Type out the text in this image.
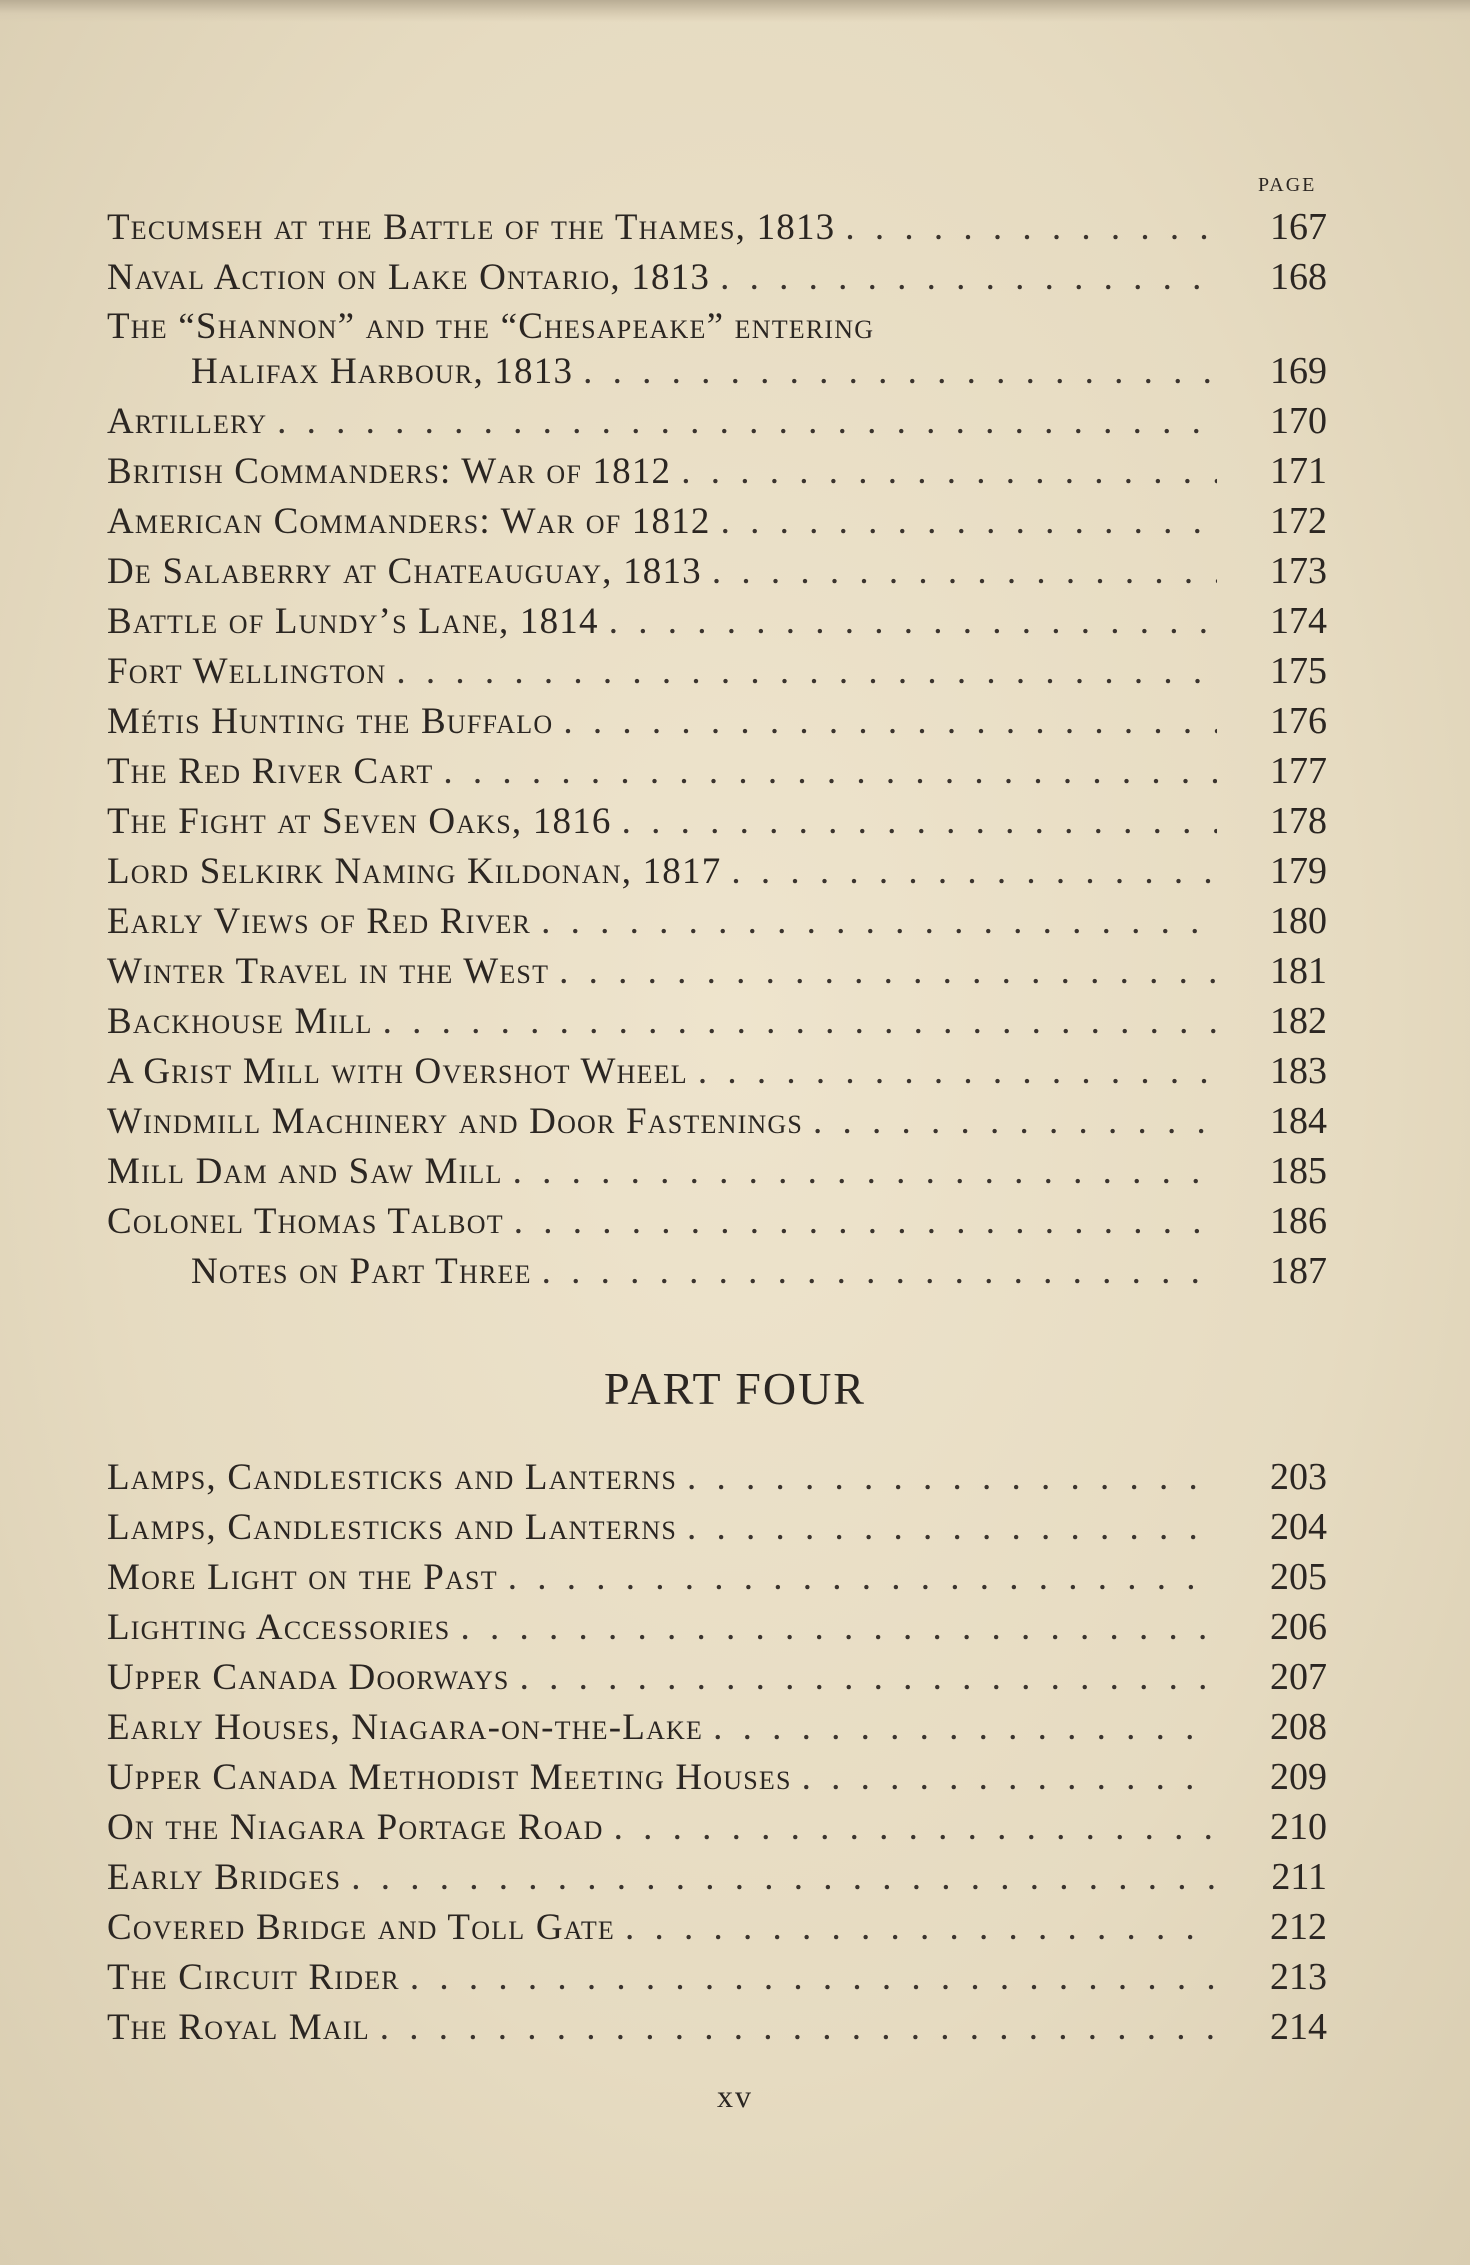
PAGE
Tecumseh at the Battle of the Thames, 1813 . . .	167
Naval Action on Lake Ontario, 1813 . . .	168
The “Shannon” and the “Chesapeake” entering
Halifax Harbour, 1813 . . .	169
Artillery . . .	170
British Commanders: War of 1812 . . .	171
American Commanders: War of 1812 . . .	172
De Salaberry at Chateauguay, 1813 . . .	173
Battle of Lundy’s Lane, 1814 . . .	174
Fort Wellington . . .	175
Métis Hunting the Buffalo . . .	176
The Red River Cart . . .	177
The Fight at Seven Oaks, 1816 . . .	178
Lord Selkirk Naming Kildonan, 1817 . . .	179
Early Views of Red River . . .	180
Winter Travel in the West . . .	181
Backhouse Mill . . .	182
A Grist Mill with Overshot Wheel . . .	183
Windmill Machinery and Door Fastenings . . .	184
Mill Dam and Saw Mill . . .	185
Colonel Thomas Talbot . . .	186
Notes on Part Three . . .	187
PART FOUR
Lamps, Candlesticks and Lanterns . . .	203
Lamps, Candlesticks and Lanterns . . .	204
More Light on the Past . . .	205
Lighting Accessories . . .	206
Upper Canada Doorways . . .	207
Early Houses, Niagara-on-the-Lake . . .	208
Upper Canada Methodist Meeting Houses . . .	209
On the Niagara Portage Road . . .	210
Early Bridges . . .	211
Covered Bridge and Toll Gate . . .	212
The Circuit Rider . . .	213
The Royal Mail . . .	214
xv
